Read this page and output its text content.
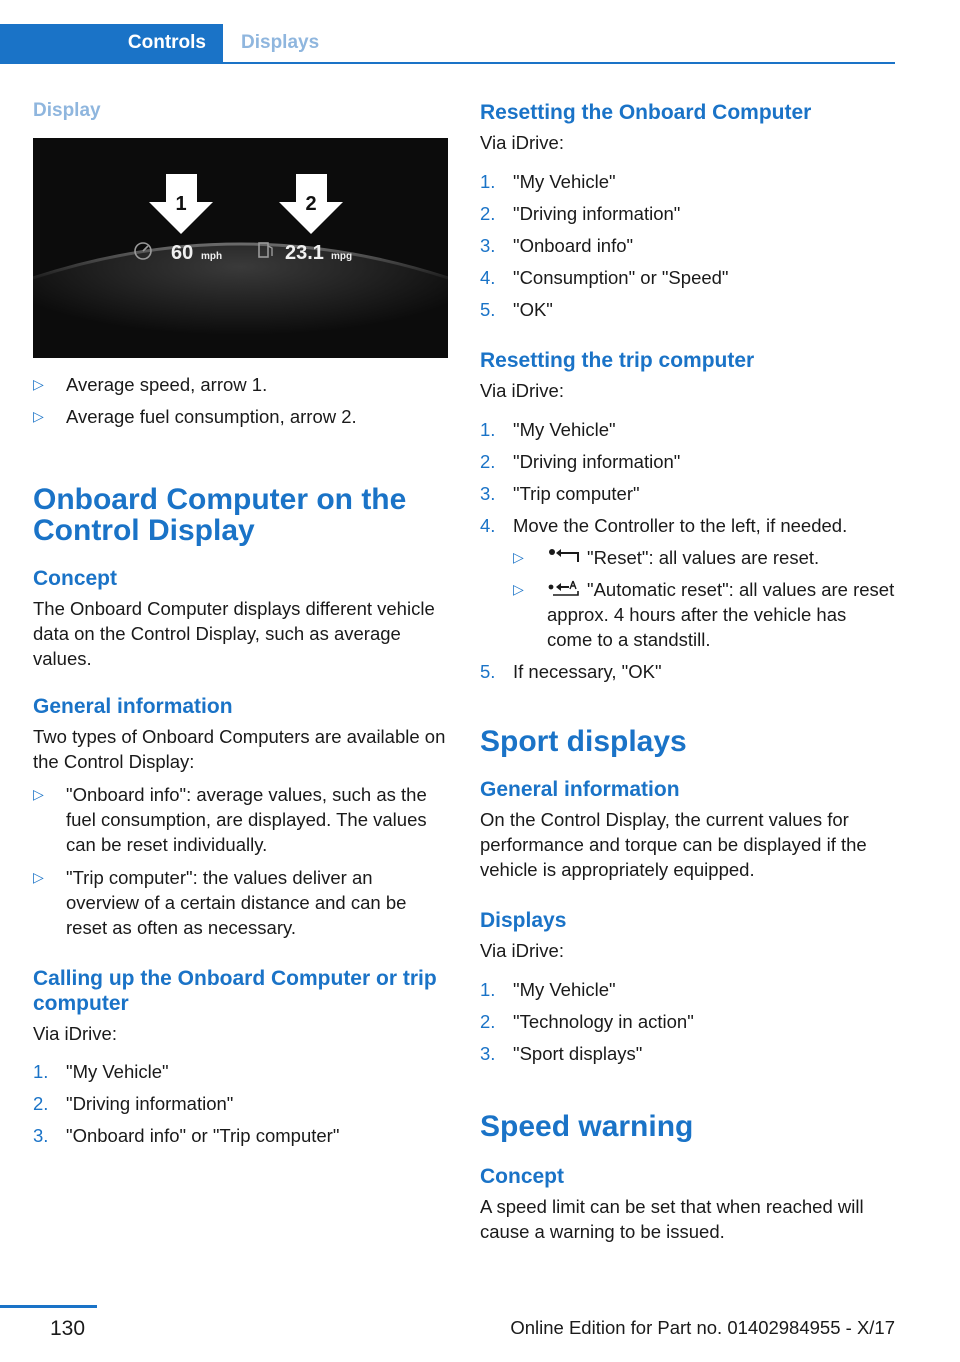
Controls	Displays
Display
1	2
60 mph	23.1 mpg
▷ Average speed, arrow 1.
▷ Average fuel consumption, arrow 2.
Onboard Computer on the Control Display
Concept

The Onboard Computer displays different vehicle data on the Control Display, such as average values.

General information

Two types of Onboard Computers are available on the Control Display:

▷ "Onboard info": average values, such as the fuel consumption, are displayed. The values can be reset individually.
▷ "Trip computer": the values deliver an overview of a certain distance and can be reset as often as necessary.
Calling up the Onboard Computer or trip computer

Via iDrive:

1. "My Vehicle"
2. "Driving information"
3. "Onboard info" or "Trip computer"
Resetting the Onboard Computer

Via iDrive:

1. "My Vehicle"
2. "Driving information"
3. "Onboard info"
4. "Consumption" or "Speed"
5. "OK"
Resetting the trip computer

Via iDrive:

1. "My Vehicle"
2. "Driving information"
3. "Trip computer"
4. Move the Controller to the left, if needed.
▷	"Reset": all values are reset.
▷	"Automatic reset": all values are reset approx. 4 hours after the vehicle has come to a standstill.
5. If necessary, "OK"
Sport displays
General information

On the Control Display, the current values for performance and torque can be displayed if the vehicle is appropriately equipped.

Displays

Via iDrive:

1. "My Vehicle"
2. "Technology in action"
3. "Sport displays"
Speed warning
Concept

A speed limit can be set that when reached will cause a warning to be issued.

130	Online Edition for Part no. 01402984955 - X/17
